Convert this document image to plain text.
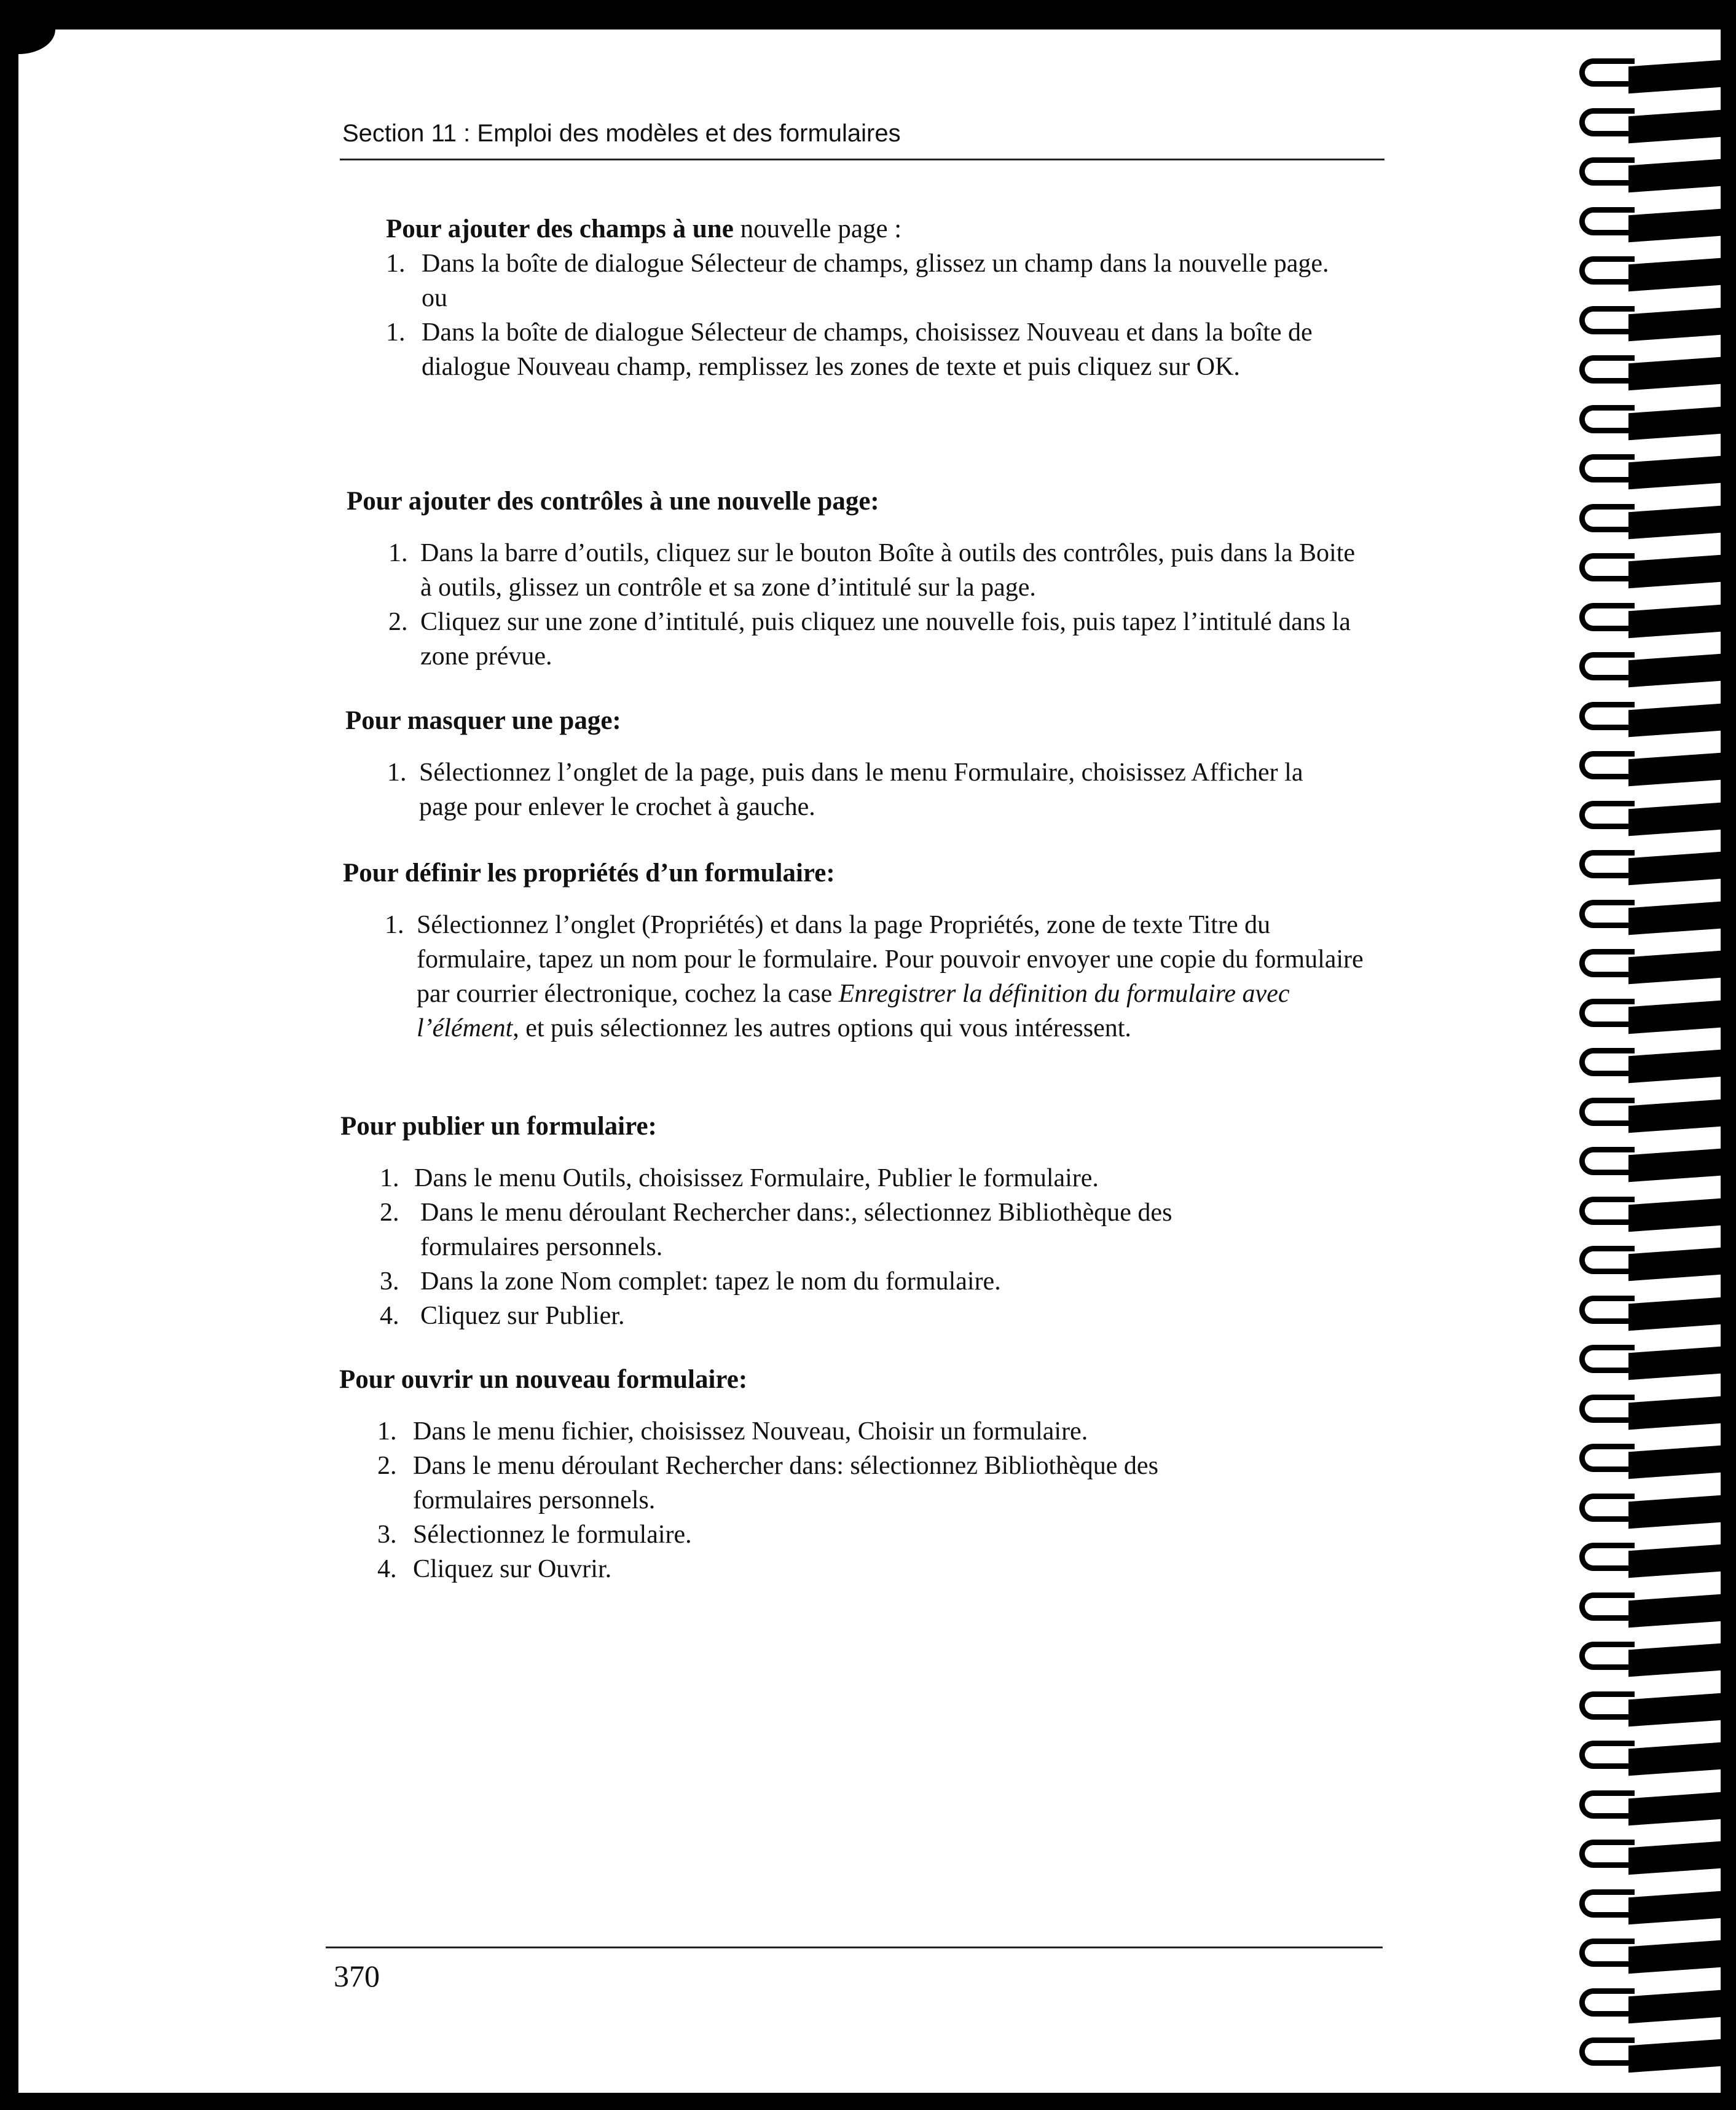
Section 11 : Emploi des modèles et des formulaires
Pour ajouter des champs à une nouvelle page :
1. Dans la boîte de dialogue Sélecteur de champs, glissez un champ dans la nouvelle page.
ou
1. Dans la boîte de dialogue Sélecteur de champs, choisissez Nouveau et dans la boîte de dialogue Nouveau champ, remplissez les zones de texte et puis cliquez sur OK.
Pour ajouter des contrôles à une nouvelle page:
1. Dans la barre d’outils, cliquez sur le bouton Boîte à outils des contrôles, puis dans la Boite à outils, glissez un contrôle et sa zone d’intitulé sur la page.
2. Cliquez sur une zone d’intitulé, puis cliquez une nouvelle fois, puis tapez l’intitulé dans la zone prévue.
Pour masquer une page:
1. Sélectionnez l’onglet de la page, puis dans le menu Formulaire, choisissez Afficher la page pour enlever le crochet à gauche.
Pour définir les propriétés d’un formulaire:
1. Sélectionnez l’onglet (Propriétés) et dans la page Propriétés, zone de texte Titre du formulaire, tapez un nom pour le formulaire. Pour pouvoir envoyer une copie du formulaire par courrier électronique, cochez la case Enregistrer la définition du formulaire avec l’élément, et puis sélectionnez les autres options qui vous intéressent.
Pour publier un formulaire:
1. Dans le menu Outils, choisissez Formulaire, Publier le formulaire.
2. Dans le menu déroulant Rechercher dans:, sélectionnez Bibliothèque des formulaires personnels.
3. Dans la zone Nom complet: tapez le nom du formulaire.
4. Cliquez sur Publier.
Pour ouvrir un nouveau formulaire:
1. Dans le menu fichier, choisissez Nouveau, Choisir un formulaire.
2. Dans le menu déroulant Rechercher dans: sélectionnez Bibliothèque des formulaires personnels.
3. Sélectionnez le formulaire.
4. Cliquez sur Ouvrir.
370
